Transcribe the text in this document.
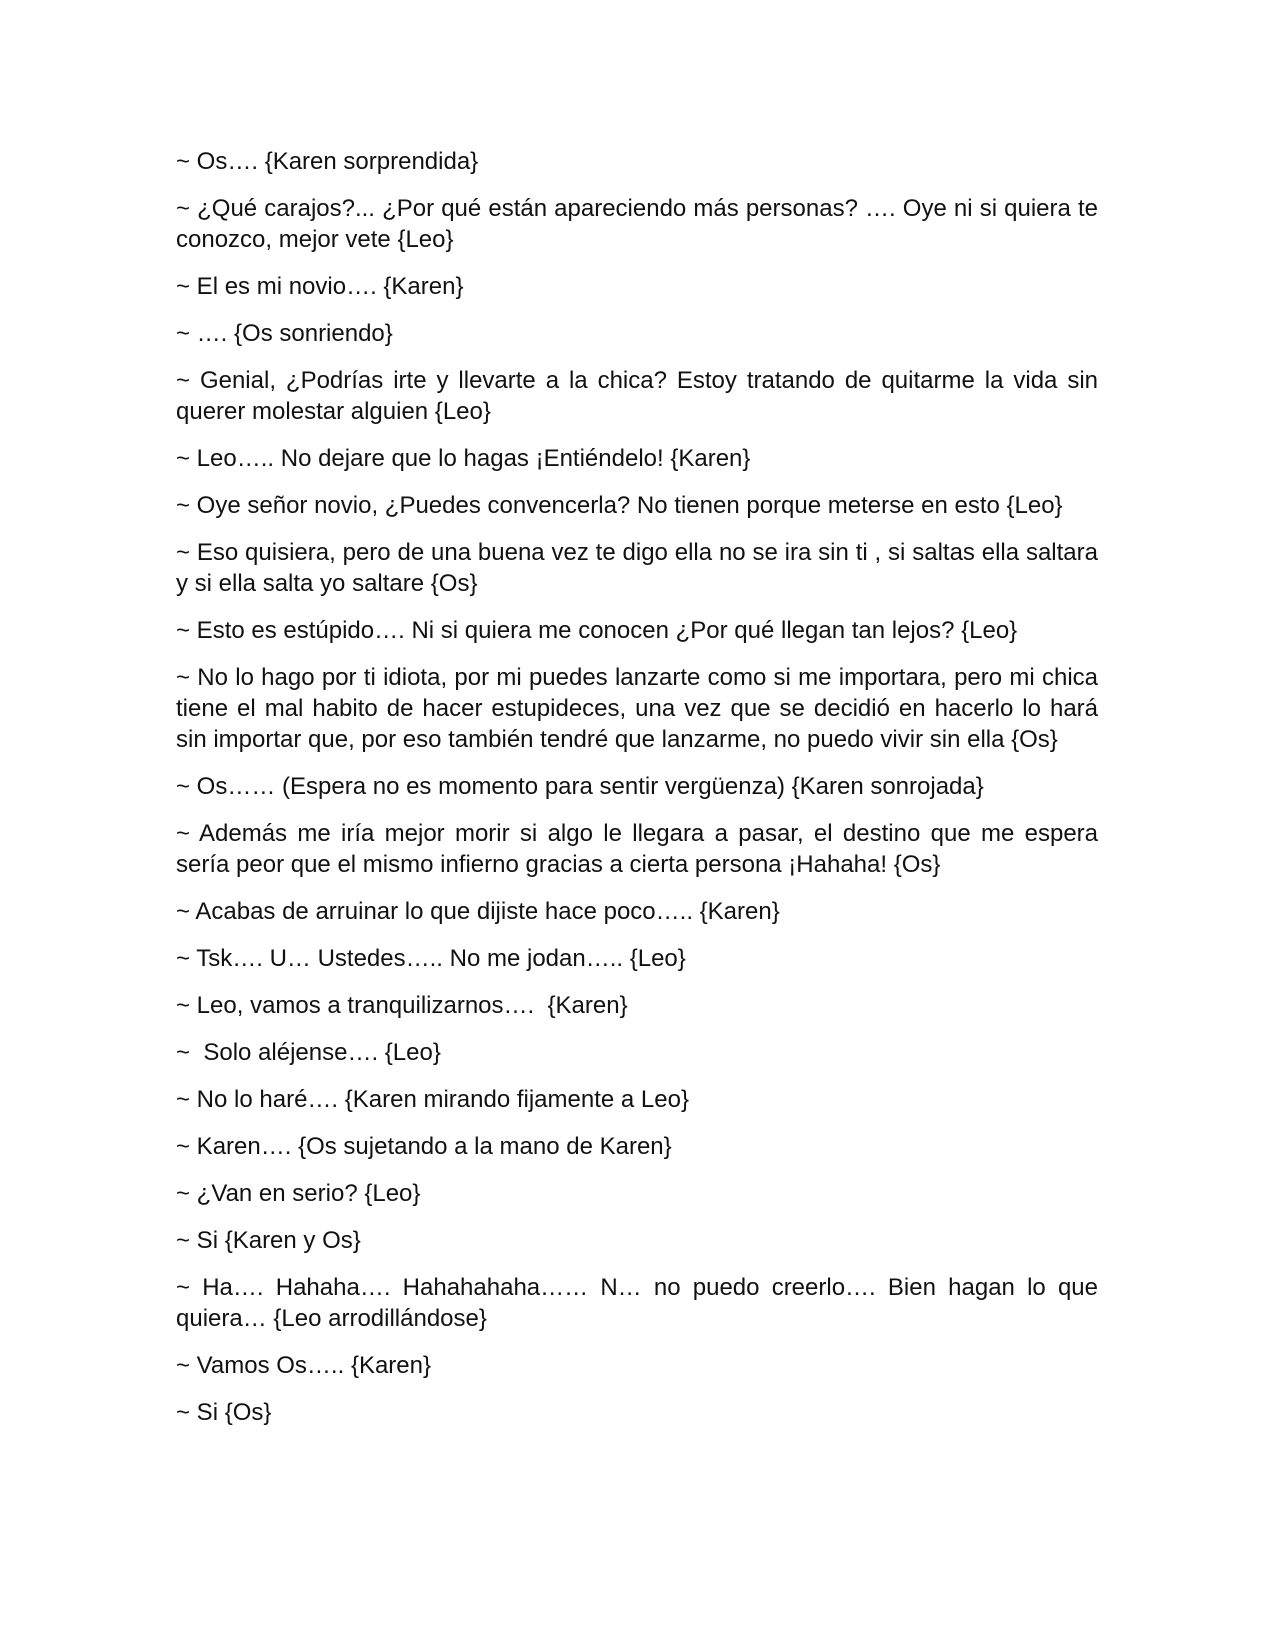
~ Os…. {Karen sorprendida}

~ ¿Qué carajos?... ¿Por qué están apareciendo más personas? …. Oye ni si quiera te conozco, mejor vete {Leo}

~ El es mi novio…. {Karen}

~ …. {Os sonriendo}

~ Genial, ¿Podrías irte y llevarte a la chica? Estoy tratando de quitarme la vida sin querer molestar alguien {Leo}

~ Leo….. No dejare que lo hagas ¡Entiéndelo! {Karen}

~ Oye señor novio, ¿Puedes convencerla? No tienen porque meterse en esto {Leo}

~ Eso quisiera, pero de una buena vez te digo ella no se ira sin ti , si saltas ella saltara y si ella salta yo saltare {Os}

~ Esto es estúpido…. Ni si quiera me conocen ¿Por qué llegan tan lejos? {Leo}

~ No lo hago por ti idiota, por mi puedes lanzarte como si me importara, pero mi chica tiene el mal habito de hacer estupideces, una vez que se decidió en hacerlo lo hará sin importar que, por eso también tendré que lanzarme, no puedo vivir sin ella {Os}

~ Os…… (Espera no es momento para sentir vergüenza) {Karen sonrojada}

~ Además me iría mejor morir si algo le llegara a pasar, el destino que me espera sería peor que el mismo infierno gracias a cierta persona ¡Hahaha! {Os}

~ Acabas de arruinar lo que dijiste hace poco….. {Karen}

~ Tsk…. U… Ustedes….. No me jodan….. {Leo}

~ Leo, vamos a tranquilizarnos….  {Karen}

~  Solo aléjense…. {Leo}

~ No lo haré…. {Karen mirando fijamente a Leo}

~ Karen…. {Os sujetando a la mano de Karen}

~ ¿Van en serio? {Leo}

~ Si {Karen y Os}

~ Ha…. Hahaha…. Hahahahaha…… N… no puedo creerlo…. Bien hagan lo que quiera… {Leo arrodillándose}

~ Vamos Os….. {Karen}

~ Si {Os}
